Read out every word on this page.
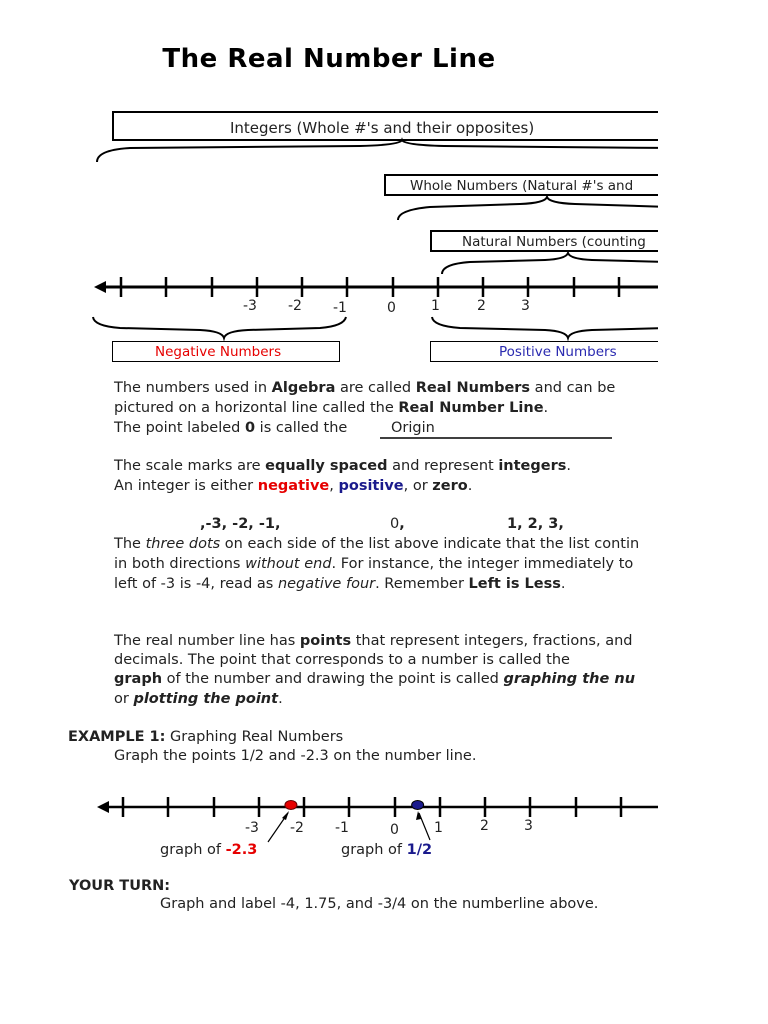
The Real Number Line
Integers (Whole #'s and their opposites)
Whole Numbers (Natural #'s and
Natural Numbers (counting
Negative Numbers	Positive Numbers
-3 -2 -1	0	1	2	3
The numbers used in Algebra are called Real Numbers and can be
pictured on a horizontal line called the Real Number Line.
The point labeled 0 is called the	Origin
The scale marks are equally spaced and represent integers.
An integer is either negative, positive, or zero.
,-3, -2, -1,	0,	1, 2, 3,
The three dots on each side of the list above indicate that the list contin
in both directions without end. For instance, the integer immediately to
left of -3 is -4, read as negative four. Remember Left is Less.
The real number line has points that represent integers, fractions, and
decimals. The point that corresponds to a number is called the
graph of the number and drawing the point is called graphing the nu
or plotting the point.
EXAMPLE 1: Graphing Real Numbers
Graph the points 1/2 and -2.3 on the number line.
-3 -2 -1	0	1	2	3
graph of -2.3	graph of 1/2
YOUR TURN:
Graph and label -4, 1.75, and -3/4 on the numberline above.
